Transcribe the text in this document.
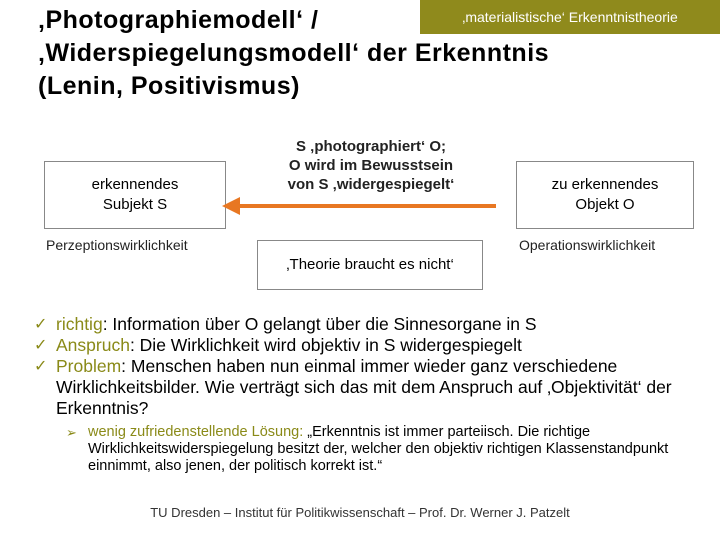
‚materialistische‘ Erkenntnistheorie
‚Photographiemodell‘ /
‚Widerspiegelungsmodell‘ der Erkenntnis
(Lenin, Positivismus)
erkennendes
Subjekt S
zu erkennendes
Objekt O
S ‚photographiert‘ O;
O wird im Bewusstsein
von S ‚widergespiegelt‘
‚Theorie braucht es nicht‘
Perzeptionswirklichkeit	Operationswirklichkeit
✓ richtig: Information über O gelangt über die Sinnesorgane in S
✓ Anspruch: Die Wirklichkeit wird objektiv in S widergespiegelt
✓ Problem: Menschen haben nun einmal immer wieder ganz verschiedene Wirklichkeitsbilder. Wie verträgt sich das mit dem Anspruch auf ‚Objektivität‘ der Erkenntnis?
➢ wenig zufriedenstellende Lösung: „Erkenntnis ist immer parteiisch. Die richtige Wirklichkeitswiderspiegelung besitzt der, welcher den objektiv richtigen Klassenstandpunkt einnimmt, also jenen, der politisch korrekt ist.“
TU Dresden – Institut für Politikwissenschaft – Prof. Dr. Werner J. Patzelt
